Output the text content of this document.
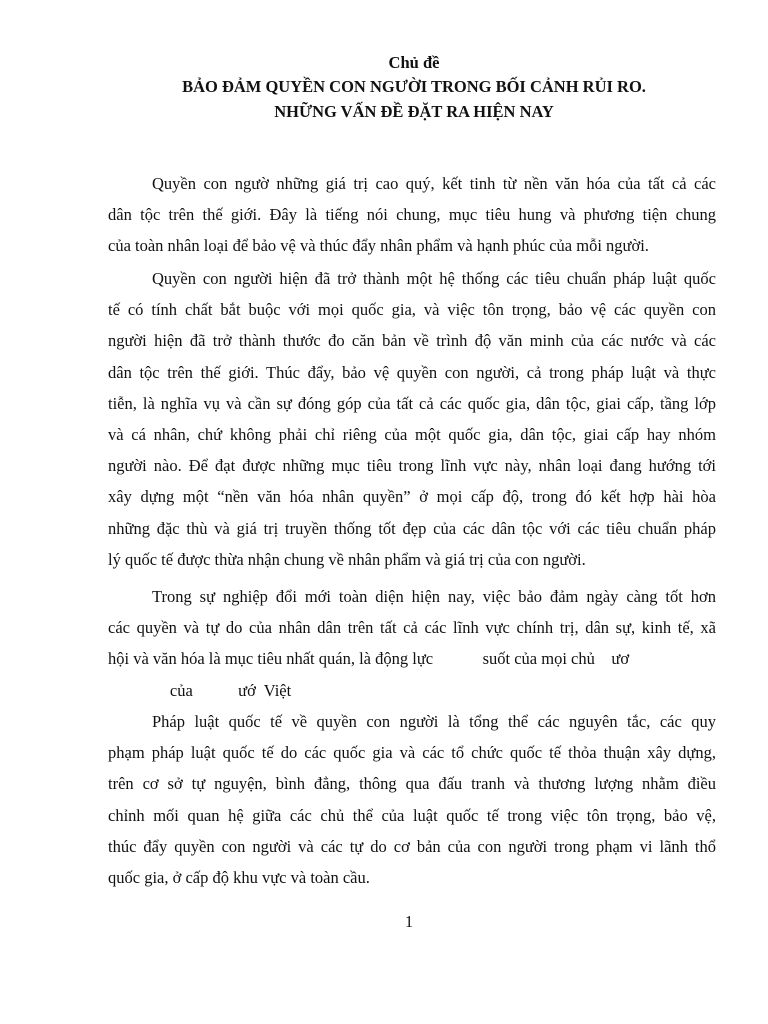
Chủ đề
BẢO ĐẢM QUYỀN CON NGƯỜI TRONG BỐI CẢNH RỦI RO.
NHỮNG VẤN ĐỀ ĐẶT RA HIỆN NAY
Quyền con ngườ những giá trị cao quý, kết tinh từ nền văn hóa của tất cả các
dân tộc trên thế giới. Đây là tiếng nói chung, mục tiêu hung và phương tiện chung
của toàn nhân loại để bảo vệ và thúc đẩy nhân phẩm và hạnh phúc của mỗi người.
Quyền con người hiện đã trở thành một hệ thống các tiêu chuẩn pháp luật quốc
tế có tính chất bắt buộc với mọi quốc gia, và việc tôn trọng, bảo vệ các quyền con
người hiện đã trở thành thước đo căn bản về trình độ văn minh của các nước và các
dân tộc trên thế giới. Thúc đẩy, bảo vệ quyền con người, cả trong pháp luật và thực
tiễn, là nghĩa vụ và cần sự đóng góp của tất cả các quốc gia, dân tộc, giai cấp, tầng lớp
và cá nhân, chứ không phải chỉ riêng của một quốc gia, dân tộc, giai cấp hay nhóm
người nào. Để đạt được những mục tiêu trong lĩnh vực này, nhân loại đang hướng tới
xây dựng một “nền văn hóa nhân quyền” ở mọi cấp độ, trong đó kết hợp hài hòa
những đặc thù và giá trị truyền thống tốt đẹp của các dân tộc với các tiêu chuẩn pháp
lý quốc tế được thừa nhận chung về nhân phẩm và giá trị của con người.
Trong sự nghiệp đổi mới toàn diện hiện nay, việc bảo đảm ngày càng tốt hơn
các quyền và tự do của nhân dân trên tất cả các lĩnh vực chính trị, dân sự, kinh tế, xã
hội và văn hóa là mục tiêu nhất quán, là động lực            suốt của mọi chủ    ươ
của           ướ  Việt
Pháp luật quốc tế về quyền con người là tổng thể các nguyên tắc, các quy
phạm pháp luật quốc tế do các quốc gia và các tổ chức quốc tế thỏa thuận xây dựng,
trên cơ sở tự nguyện, bình đẳng, thông qua đấu tranh và thương lượng nhằm điều
chỉnh mối quan hệ giữa các chủ thể của luật quốc tế trong việc tôn trọng, bảo vệ,
thúc đẩy quyền con người và các tự do cơ bản của con người trong phạm vi lãnh thổ
quốc gia, ở cấp độ khu vực và toàn cầu.
1
